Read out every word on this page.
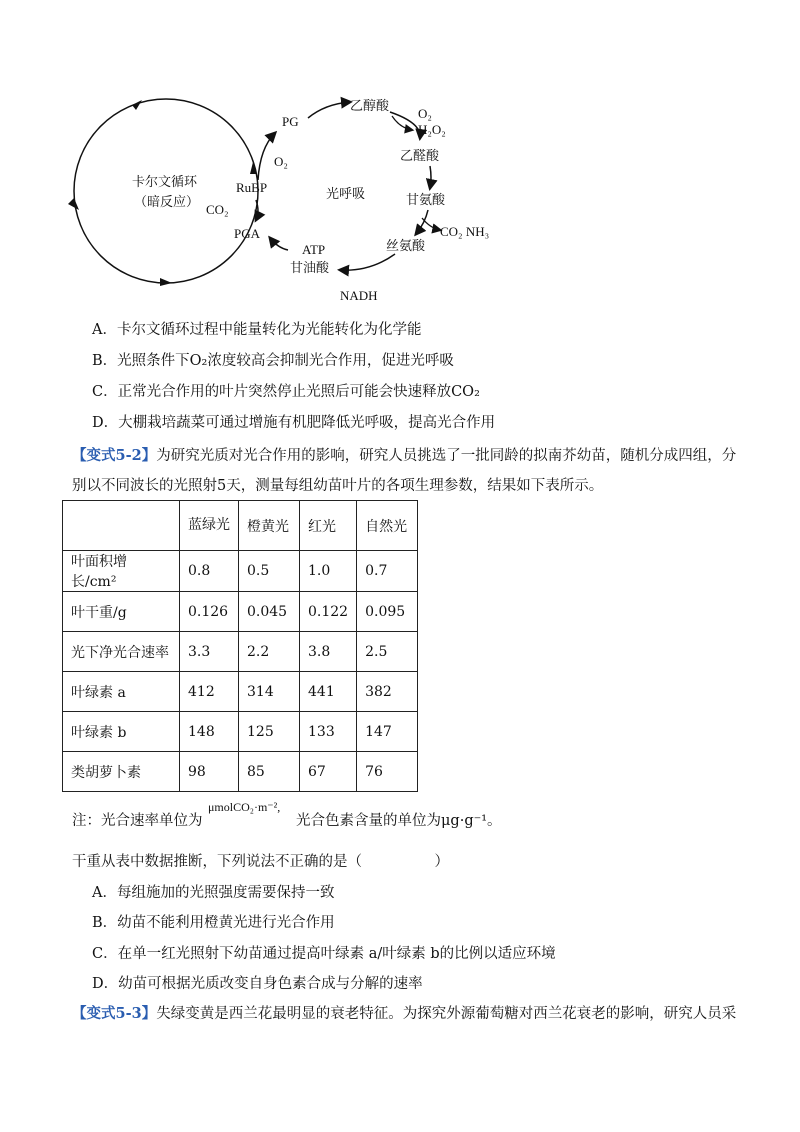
卡尔文循环
（暗反应）
RuBP
CO₂
PGA
PG
O₂
光呼吸
乙醇酸 O₂
H₂O₂
乙醛酸
甘氨酸
CO₂ NH₃
丝氨酸
NADH
ATP
甘油酸
A．卡尔文循环过程中能量转化为光能转化为化学能
B．光照条件下O₂浓度较高会抑制光合作用，促进光呼吸
C．正常光合作用的叶片突然停止光照后可能会快速释放CO₂
D．大棚栽培蔬菜可通过增施有机肥降低光呼吸，提高光合作用
【变式5-2】为研究光质对光合作用的影响，研究人员挑选了一批同龄的拟南芥幼苗，随机分成四组，分
别以不同波长的光照射5天，测量每组幼苗叶片的各项生理参数，结果如下表所示。
	蓝绿光	橙黄光	红光	自然光
叶面积增长/cm²	0.8	0.5	1.0	0.7
叶干重/g	0.126	0.045	0.122	0.095
光下净光合速率	3.3	2.2	3.8	2.5
叶绿素 a	412	314	441	382
叶绿素 b	148	125	133	147
类胡萝卜素	98	85	67	76
注：光合速率单位为
μmolCO₂·m⁻²,
光合色素含量的单位为μg·g⁻¹。
干重从表中数据推断，下列说法不正确的是（　　　　　）
A．每组施加的光照强度需要保持一致
B．幼苗不能利用橙黄光进行光合作用
C．在单一红光照射下幼苗通过提高叶绿素 a/叶绿素 b的比例以适应环境
D．幼苗可根据光质改变自身色素合成与分解的速率
【变式5-3】失绿变黄是西兰花最明显的衰老特征。为探究外源葡萄糖对西兰花衰老的影响，研究人员采
